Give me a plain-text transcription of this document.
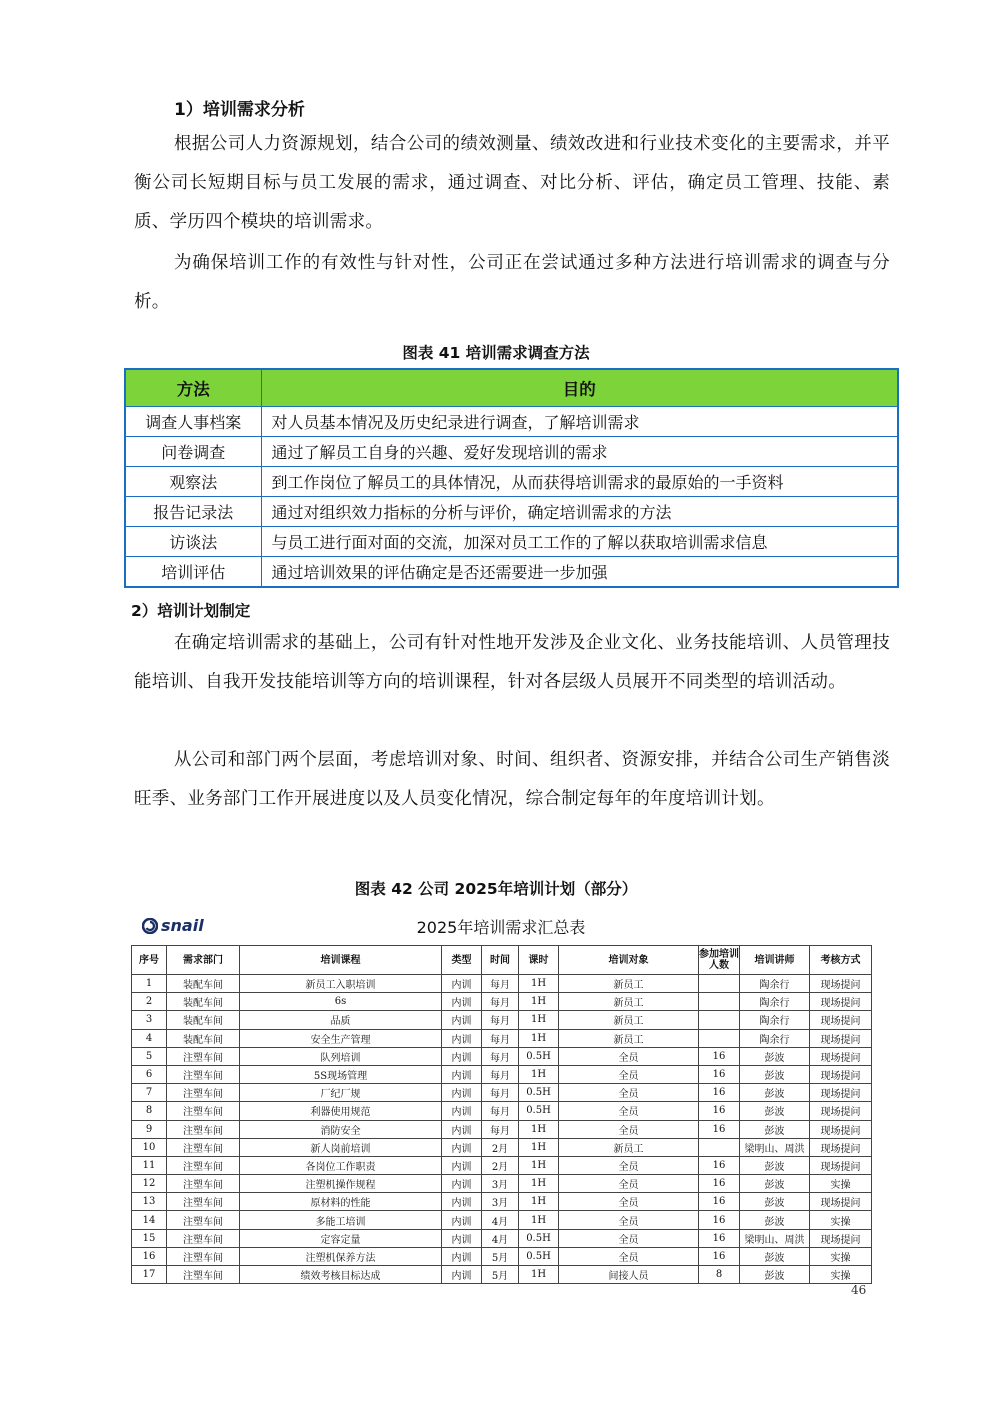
1）培训需求分析

根据公司人力资源规划，结合公司的绩效测量、绩效改进和行业技术变化的主要需求，并平衡公司长短期目标与员工发展的需求，通过调查、对比分析、评估，确定员工管理、技能、素质、学历四个模块的培训需求。

为确保培训工作的有效性与针对性，公司正在尝试通过多种方法进行培训需求的调查与分析。

图表 41 培训需求调查方法
方法	目的
调查人事档案	对人员基本情况及历史纪录进行调查，了解培训需求
问卷调查	通过了解员工自身的兴趣、爱好发现培训的需求
观察法	到工作岗位了解员工的具体情况，从而获得培训需求的最原始的一手资料
报告记录法	通过对组织效力指标的分析与评价，确定培训需求的方法
访谈法	与员工进行面对面的交流，加深对员工工作的了解以获取培训需求信息
培训评估	通过培训效果的评估确定是否还需要进一步加强
2）培训计划制定

在确定培训需求的基础上，公司有针对性地开发涉及企业文化、业务技能培训、人员管理技能培训、自我开发技能培训等方向的培训课程，针对各层级人员展开不同类型的培训活动。

从公司和部门两个层面，考虑培训对象、时间、组织者、资源安排，并结合公司生产销售淡旺季、业务部门工作开展进度以及人员变化情况，综合制定每年的年度培训计划。

图表 42 公司 2025年培训计划（部分）
snail	2025年培训需求汇总表
序号	需求部门	培训课程	类型	时间	课时	培训对象	参加培训人数	培训讲师	考核方式
1	装配车间	新员工入职培训	内训	每月	1H	新员工		陶余行	现场提问
2	装配车间	6s	内训	每月	1H	新员工		陶余行	现场提问
3	装配车间	品质	内训	每月	1H	新员工		陶余行	现场提问
4	装配车间	安全生产管理	内训	每月	1H	新员工		陶余行	现场提问
5	注塑车间	队列培训	内训	每月	0.5H	全员	16	彭波	现场提问
6	注塑车间	5S现场管理	内训	每月	1H	全员	16	彭波	现场提问
7	注塑车间	厂纪厂规	内训	每月	0.5H	全员	16	彭波	现场提问
8	注塑车间	利器使用规范	内训	每月	0.5H	全员	16	彭波	现场提问
9	注塑车间	消防安全	内训	每月	1H	全员	16	彭波	现场提问
10	注塑车间	新人岗前培训	内训	2月	1H	新员工		梁明山、周洪	现场提问
11	注塑车间	各岗位工作职责	内训	2月	1H	全员	16	彭波	现场提问
12	注塑车间	注塑机操作规程	内训	3月	1H	全员	16	彭波	实操
13	注塑车间	原材料的性能	内训	3月	1H	全员	16	彭波	现场提问
14	注塑车间	多能工培训	内训	4月	1H	全员	16	彭波	实操
15	注塑车间	定容定量	内训	4月	0.5H	全员	16	梁明山、周洪	现场提问
16	注塑车间	注塑机保养方法	内训	5月	0.5H	全员	16	彭波	实操
17	注塑车间	绩效考核目标达成	内训	5月	1H	间接人员	8	彭波	实操
46
